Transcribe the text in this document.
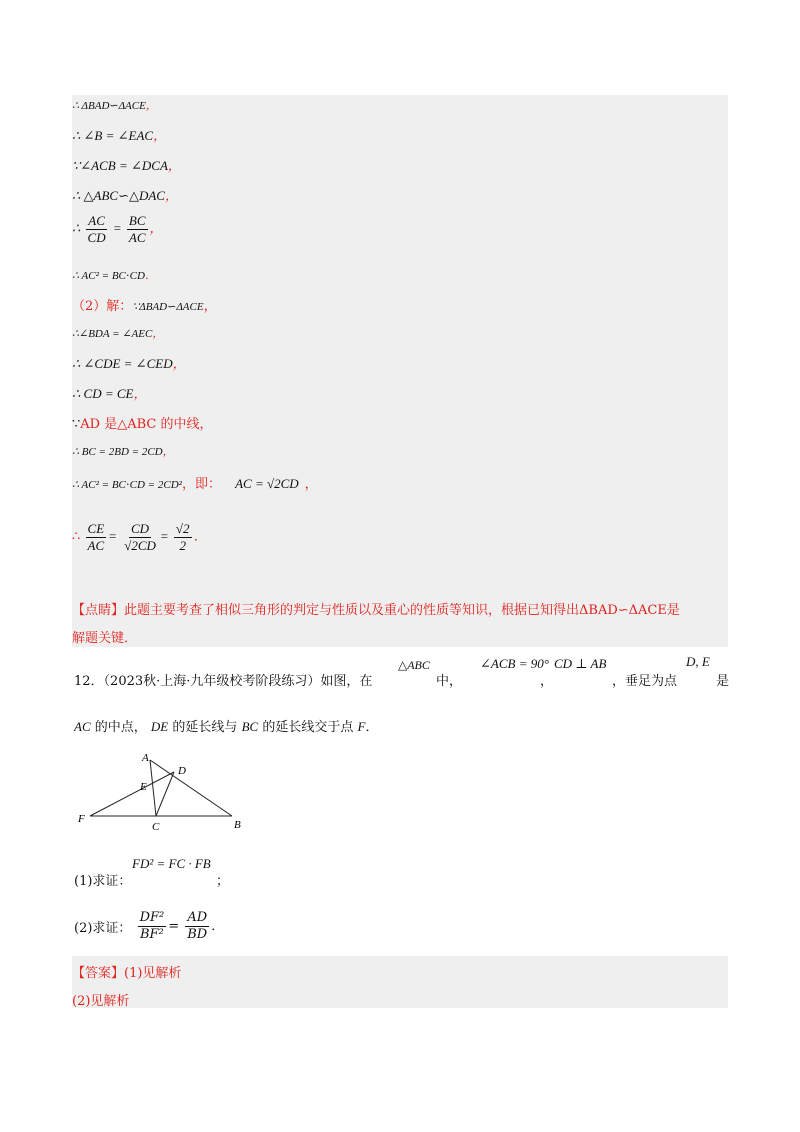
∴ ΔBAD∽ΔACE，
∴ ∠B = ∠EAC，
∵∠ACB = ∠DCA，
∴ △ABC∽△DAC，
∴ $\frac{AC}{CD} = \frac{BC}{AC}$ ，
∴ AC² = BC⋅CD．
（2）解：∵ΔBAD∽ΔACE，
∴∠BDA = ∠AEC，
∴ ∠CDE = ∠CED，
∴ CD = CE，
∵AD 是△ABC 的中线，
∴ BC = 2BD = 2CD，
∴ AC² = BC⋅CD = 2CD²，即： AC = √2CD ，
∴ $\frac{CE}{AC} = \frac{CD}{√2CD} = \frac{√2}{2}$ ．
【点睛】此题主要考查了相似三角形的判定与性质以及重心的性质等知识，根据已知得出ΔBAD∽ΔACE是
解题关键．
12．（2023秋·上海·九年级校考阶段练习）如图，在
△ABC
中，
∠ACB = 90° CD ⊥ AB
，	，垂足为点
D, E
是
AC 的中点， DE 的延长线与 BC 的延长线交于点 F．
A
B
C
D
E
F
(1)求证：
FD² = FC · FB
；
(2)求证： $\frac{\text{DF²}}{\text{BF²}} = \frac{AD}{BD}$ ．
【答案】(1)见解析
(2)见解析
